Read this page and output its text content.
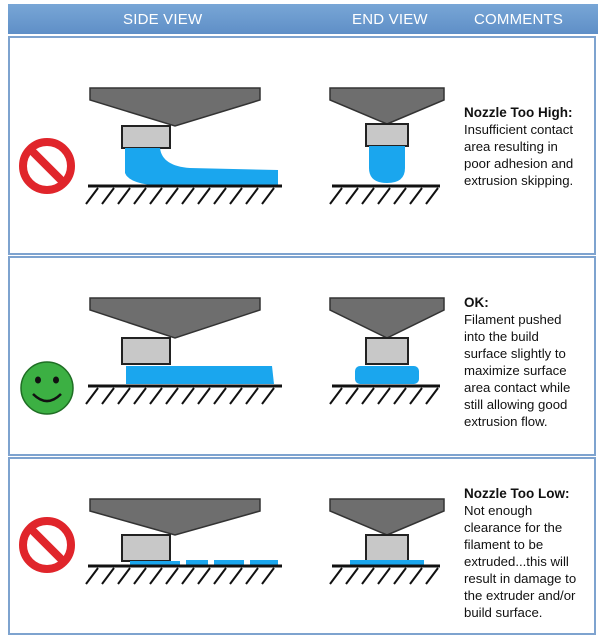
SIDE VIEW	END VIEW	COMMENTS
Nozzle Too High:
Insufficient contact
area resulting in
poor adhesion and
extrusion skipping.
OK:
Filament pushed
into the build
surface slightly to
maximize surface
area contact while
still allowing good
extrusion flow.
Nozzle Too Low:
Not enough
clearance for the
filament to be
extruded...this will
result in damage to
the extruder and/or
build surface.
